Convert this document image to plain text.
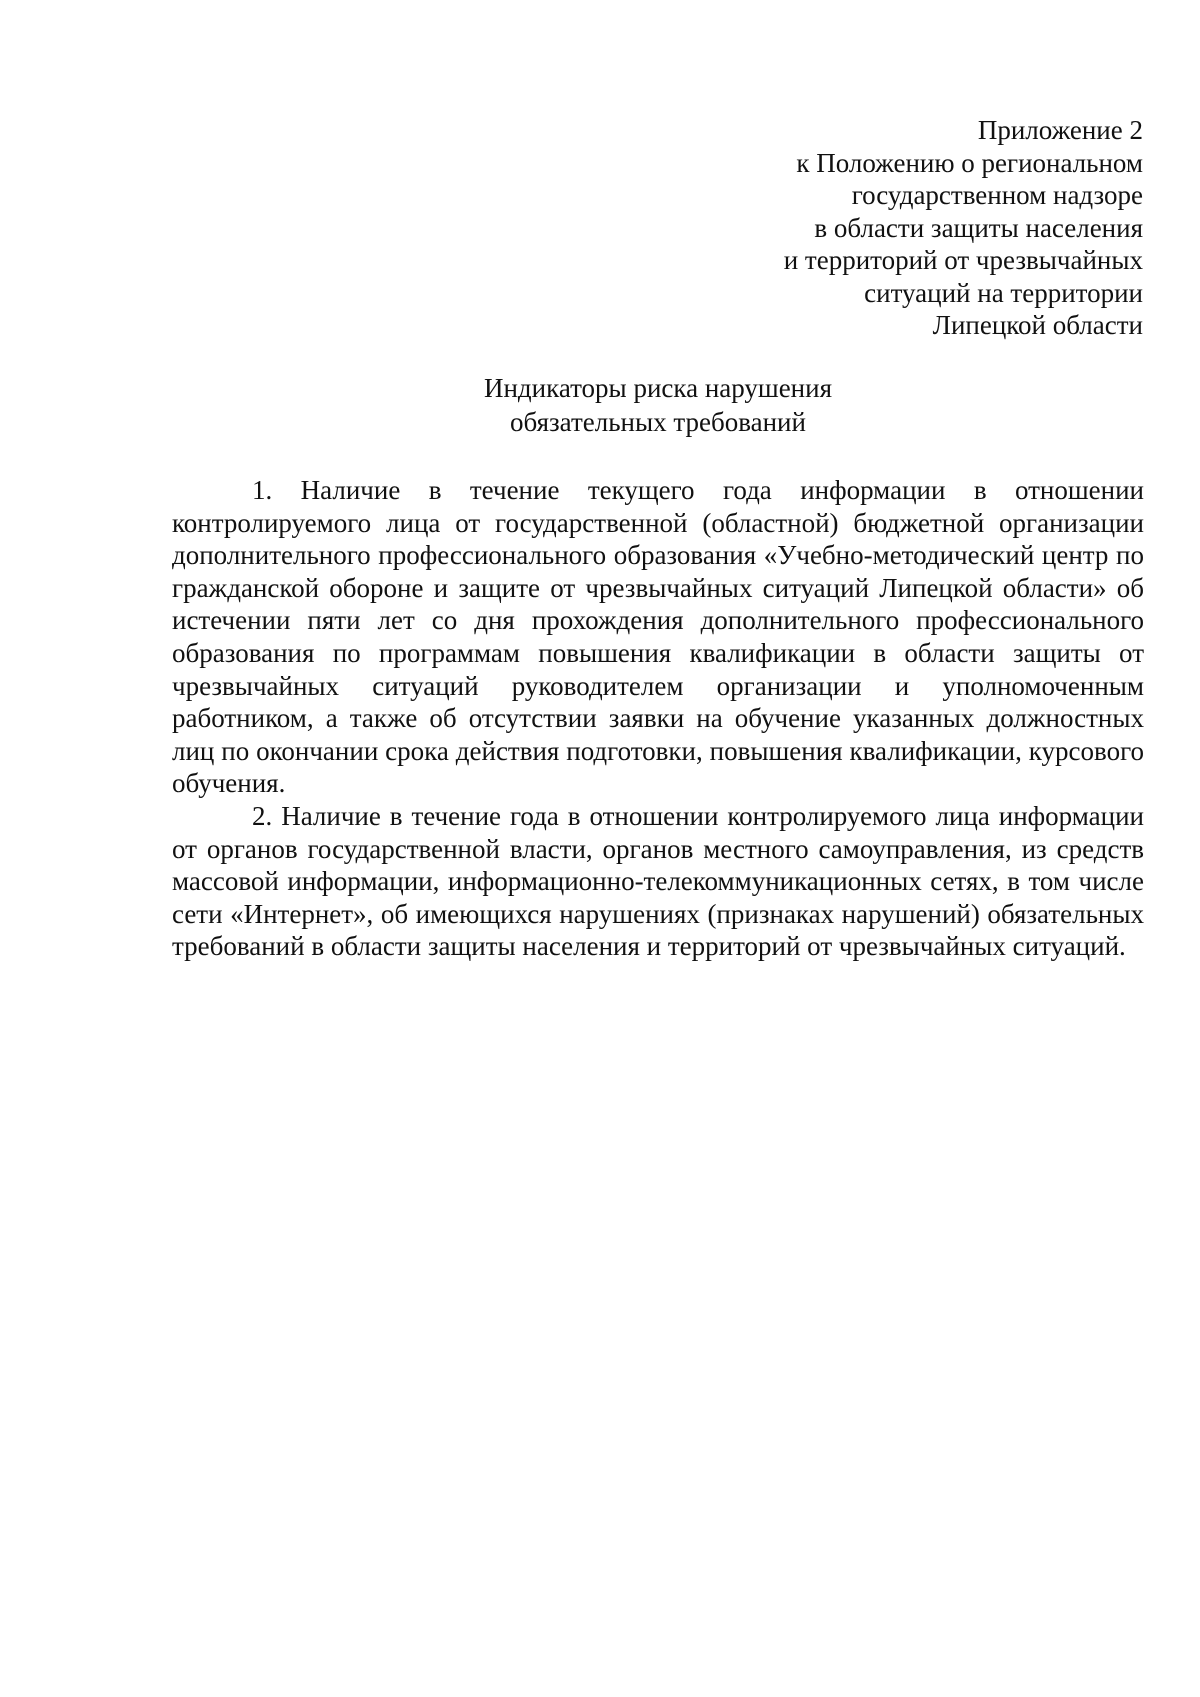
Приложение 2
к Положению о региональном
государственном надзоре
в области защиты населения
и территорий от чрезвычайных
ситуаций на территории
Липецкой области
Индикаторы риска нарушения
обязательных требований

1. Наличие в течение текущего года информации в отношении контролируемого лица от государственной (областной) бюджетной организации дополнительного профессионального образования «Учебно-методический центр по гражданской обороне и защите от чрезвычайных ситуаций Липецкой области» об истечении пяти лет со дня прохождения дополнительного профессионального образования по программам повышения квалификации в области защиты от чрезвычайных ситуаций руководителем организации и уполномоченным работником, а также об отсутствии заявки на обучение указанных должностных лиц по окончании срока действия подготовки, повышения квалификации, курсового обучения.

2. Наличие в течение года в отношении контролируемого лица информации от органов государственной власти, органов местного самоуправления, из средств массовой информации, информационно-телекоммуникационных сетях, в том числе сети «Интернет», об имеющихся нарушениях (признаках нарушений) обязательных требований в области защиты населения и территорий от чрезвычайных ситуаций.
